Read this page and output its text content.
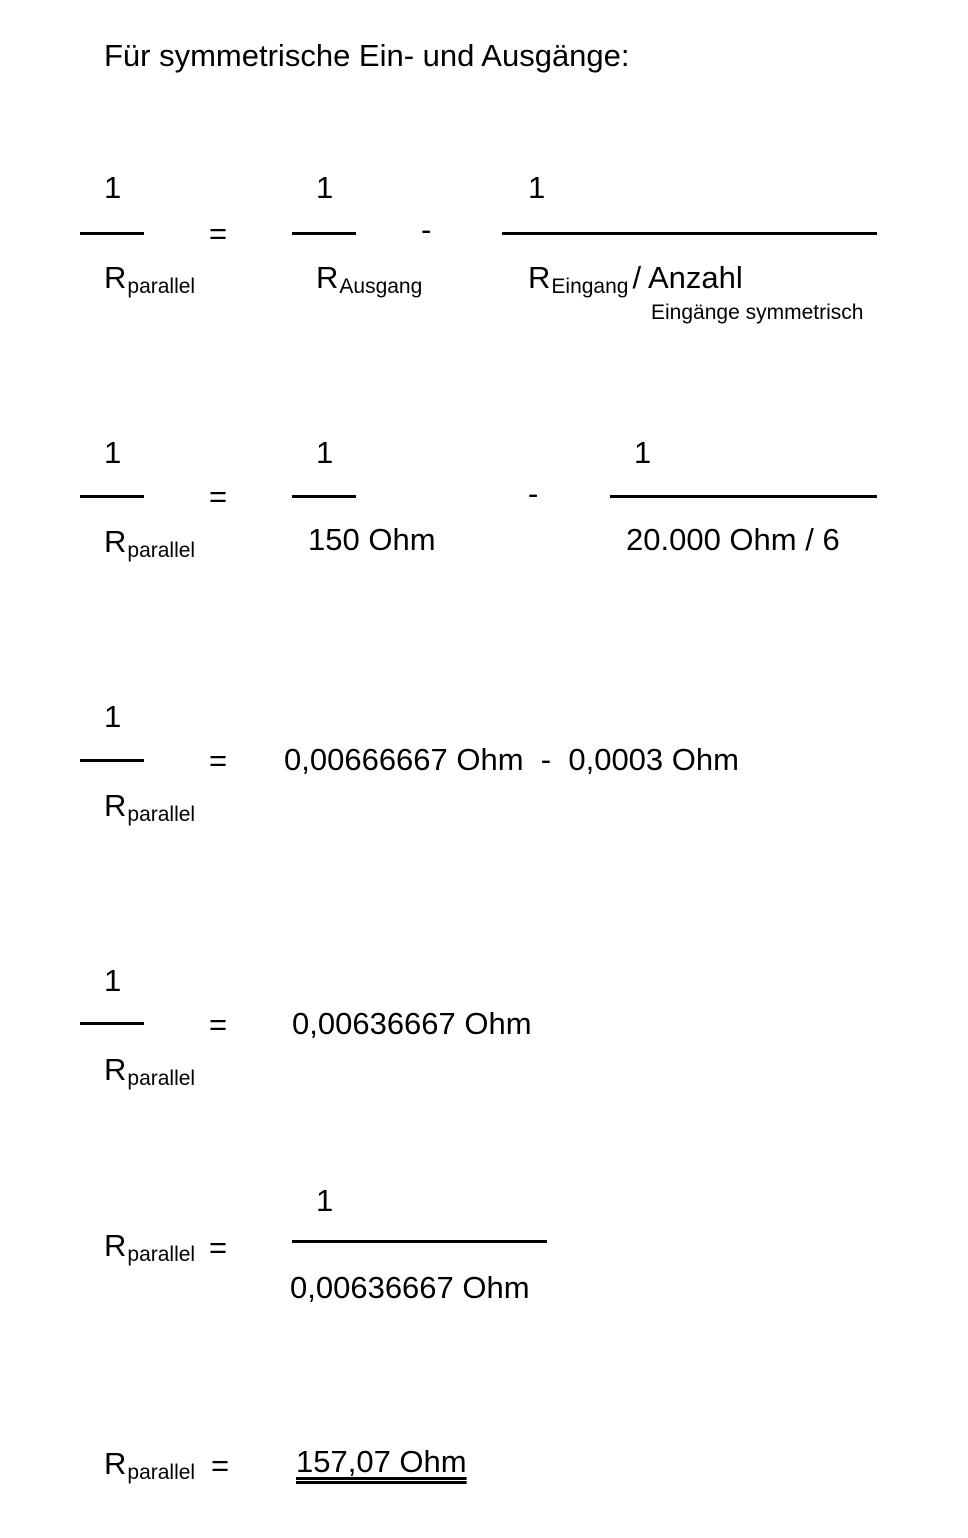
Für symmetrische Ein- und Ausgänge:
1
Rparallel
=
1
RAusgang
-
1
REingang / Anzahl
Eingänge symmetrisch
1
Rparallel
=
1
150 Ohm
-
1
20.000 Ohm / 6
1
Rparallel
= 0,00666667 Ohm  -  0,0003 Ohm
1
Rparallel
= 0,00636667 Ohm
Rparallel =
1
0,00636667 Ohm
Rparallel = 157,07 Ohm
